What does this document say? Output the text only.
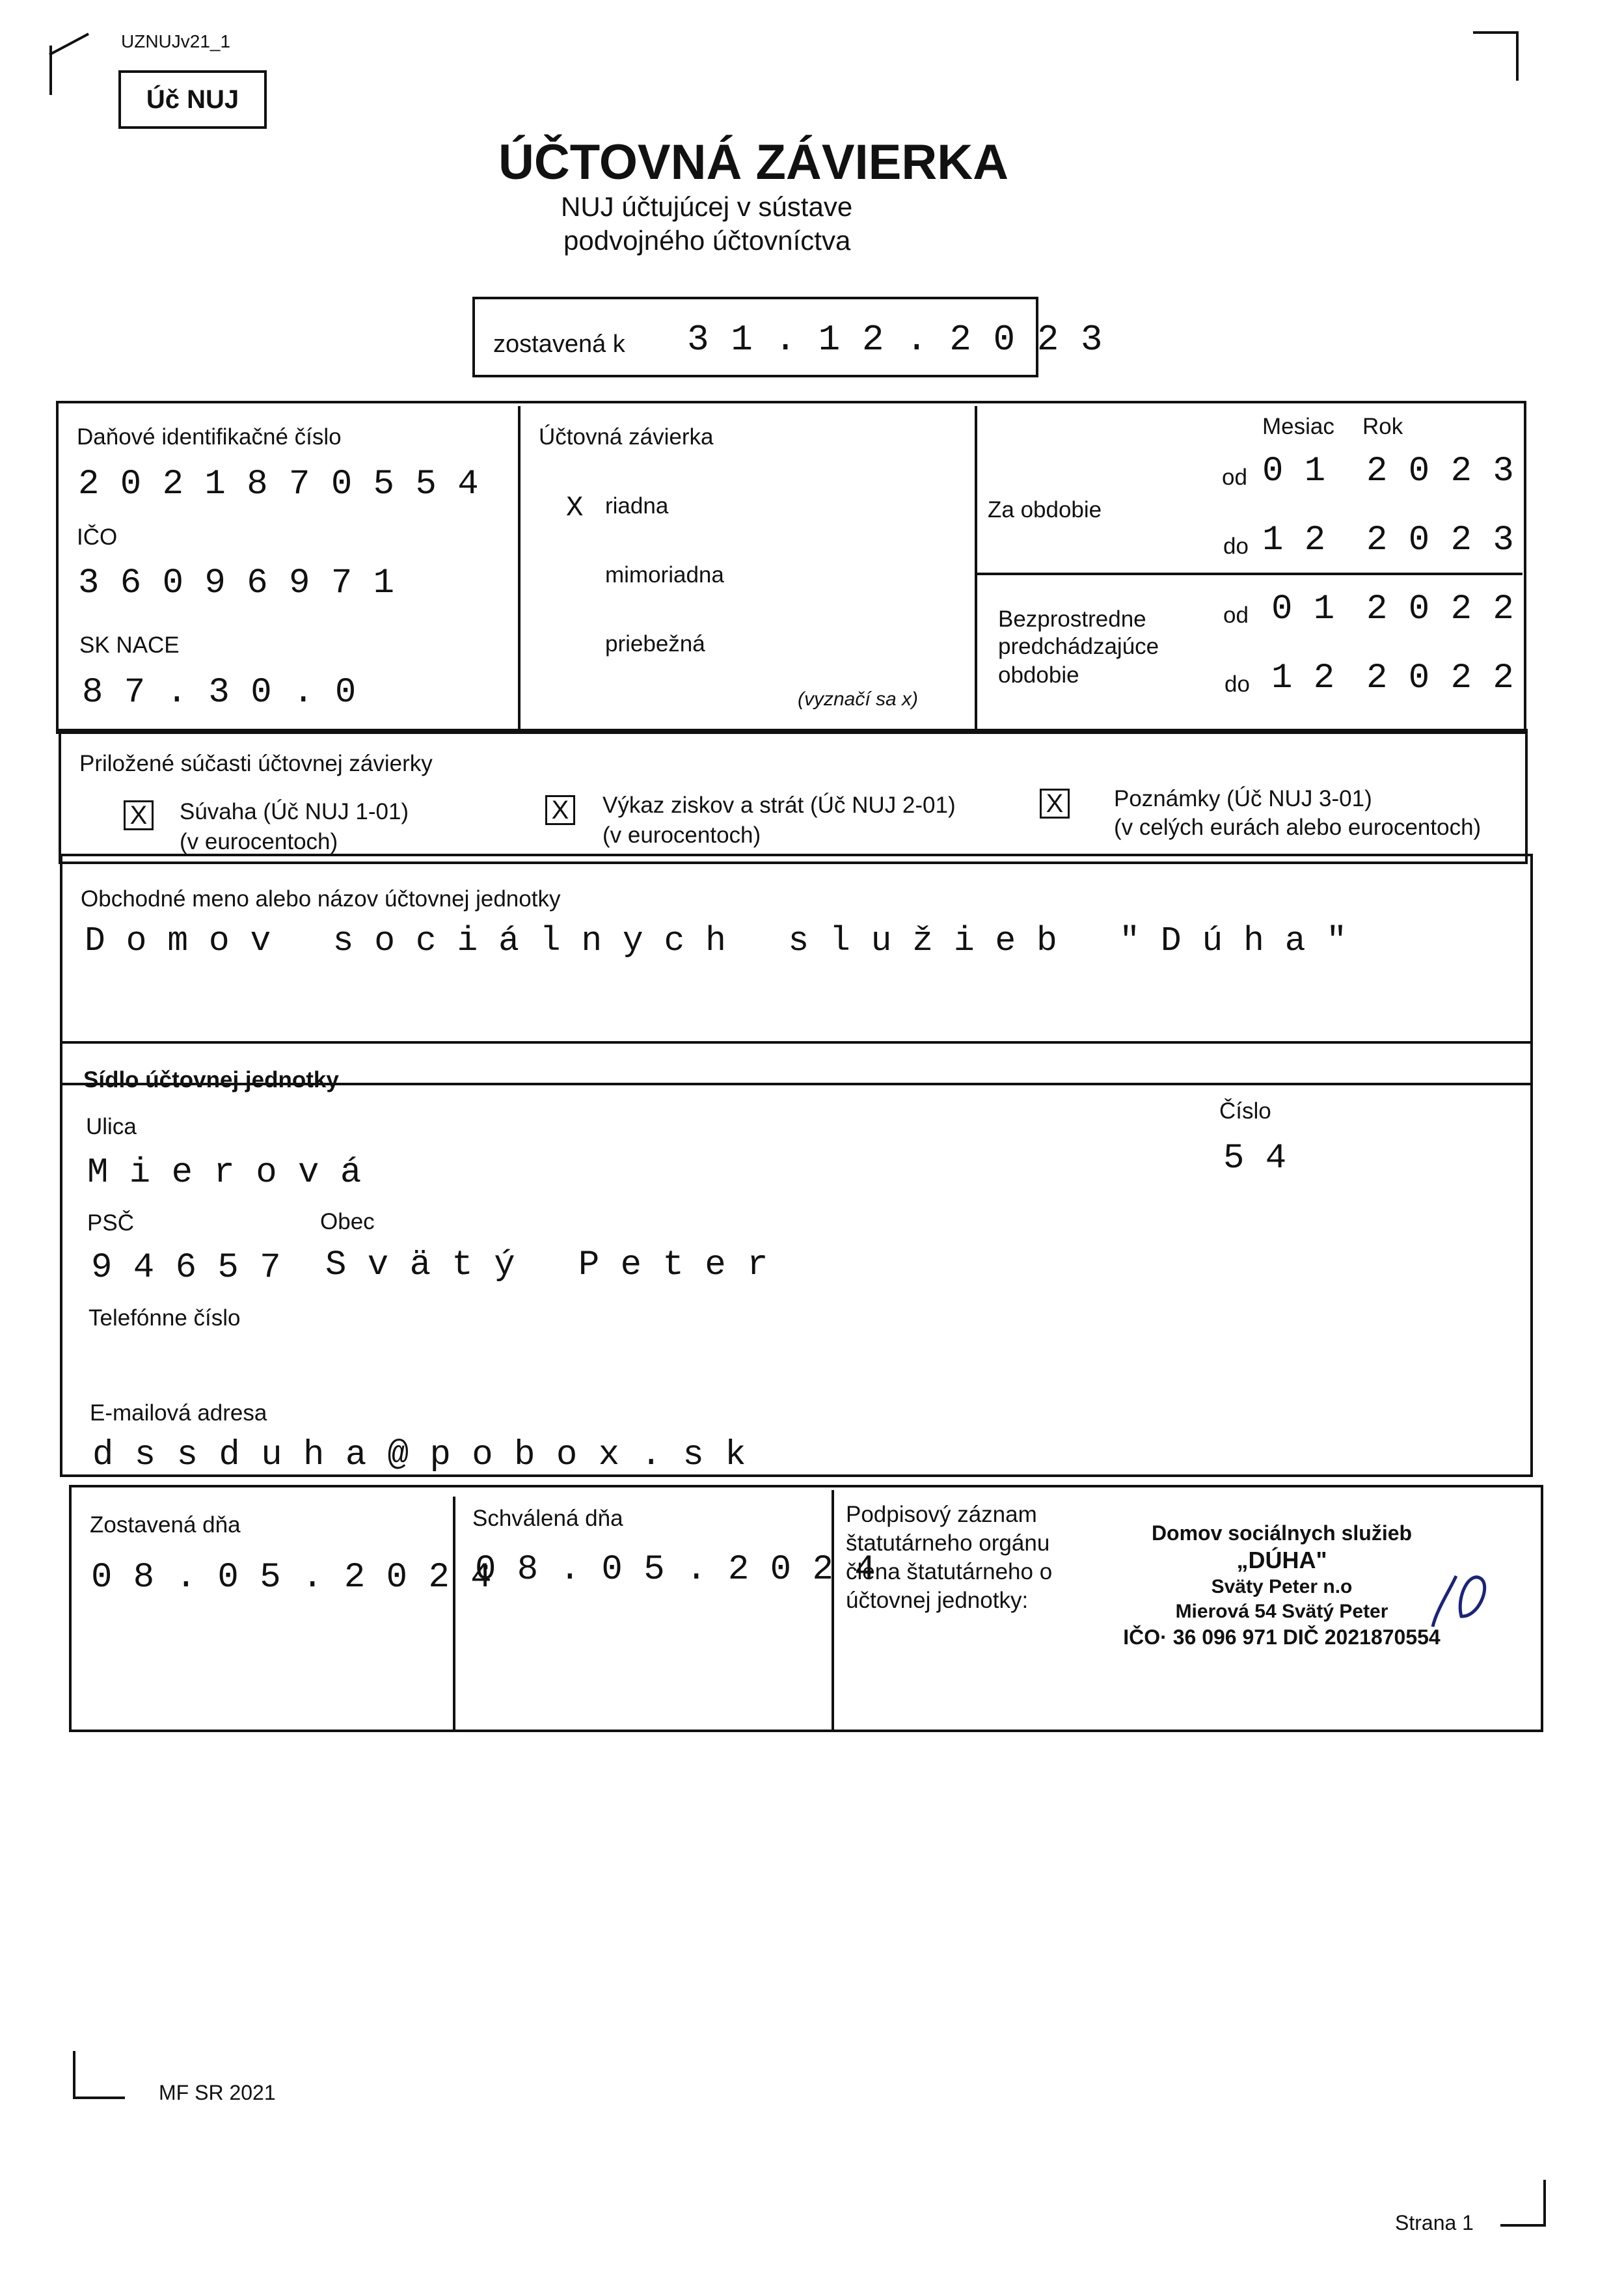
UZNUJv21_1
Úč NUJ
ÚČTOVNÁ ZÁVIERKA
NUJ účtujúcej v sústave
podvojného účtovníctva
zostavená k 3 1 . 1 2 . 2 0 2 3
Daňové identifikačné číslo
2 0 2 1 8 7 0 5 5 4
IČO
3 6 0 9 6 9 7 1
SK NACE
8 7 . 3 0 . 0
Účtovná závierka
X riadna
mimoriadna
priebežná
(vyznačí sa x)
Mesiac Rok
Za obdobie
od 0 1 2 0 2 3
do 1 2 2 0 2 3
Bezprostredne
predchádzajúce
obdobie
od 0 1 2 0 2 2
do 1 2 2 0 2 2
Priložené súčasti účtovnej závierky
X Súvaha (Úč NUJ 1-01)
(v eurocentoch)
X Výkaz ziskov a strát (Úč NUJ 2-01)
(v eurocentoch)
X Poznámky (Úč NUJ 3-01)
(v celých eurách alebo eurocentoch)
Obchodné meno alebo názov účtovnej jednotky
D o m o v   s o c i á l n y c h   s l u ž i e b   " D ú h a "
Sídlo účtovnej jednotky
Ulica
M i e r o v á
Číslo
5 4
PSČ
9 4 6 5 7
Obec
S v ä t ý   P e t e r
Telefónne číslo
E-mailová adresa
d s s d u h a @ p o b o x . s k
Zostavená dňa
0 8 . 0 5 . 2 0 2 4
Schválená dňa
0 8 . 0 5 . 2 0 2 4
Podpisový záznam
štatutárneho orgánu
člena štatutárneho o
účtovnej jednotky:
Domov sociálnych služieb
„DÚHA"
Sväty Peter n.o
Mierová 54 Svätý Peter
IČO· 36 096 971 DIČ 2021870554
MF SR 2021
Strana 1
